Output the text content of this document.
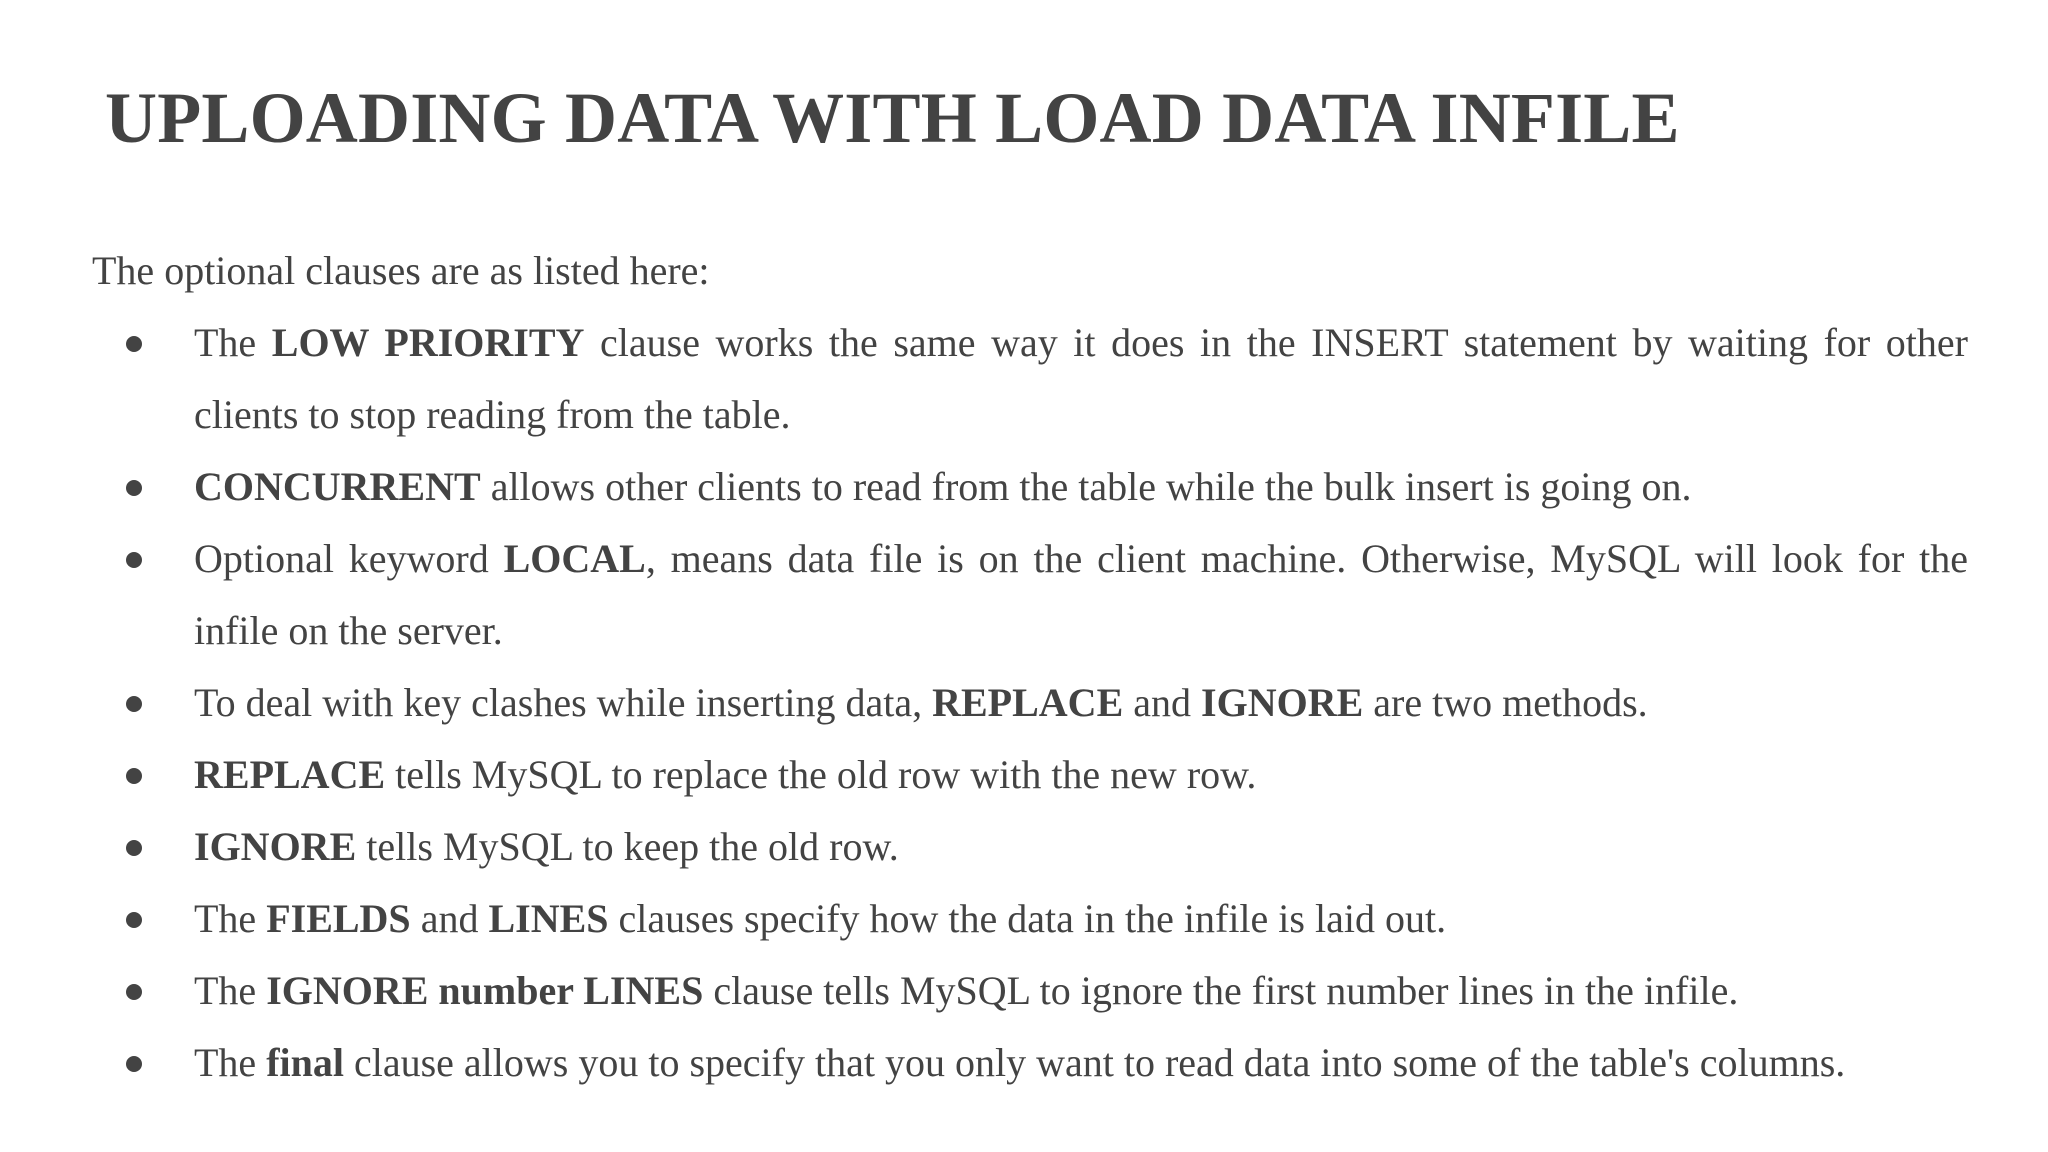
UPLOADING DATA WITH LOAD DATA INFILE

The optional clauses are as listed here:

The LOW PRIORITY clause works the same way it does in the INSERT statement by waiting for other clients to stop reading from the table.
CONCURRENT allows other clients to read from the table while the bulk insert is going on.
Optional keyword LOCAL, means data file is on the client machine. Otherwise, MySQL will look for the infile on the server.
To deal with key clashes while inserting data, REPLACE and IGNORE are two methods.
REPLACE tells MySQL to replace the old row with the new row.
IGNORE tells MySQL to keep the old row.
The FIELDS and LINES clauses specify how the data in the infile is laid out.
The IGNORE number LINES clause tells MySQL to ignore the first number lines in the infile.
The final clause allows you to specify that you only want to read data into some of the table's columns.
